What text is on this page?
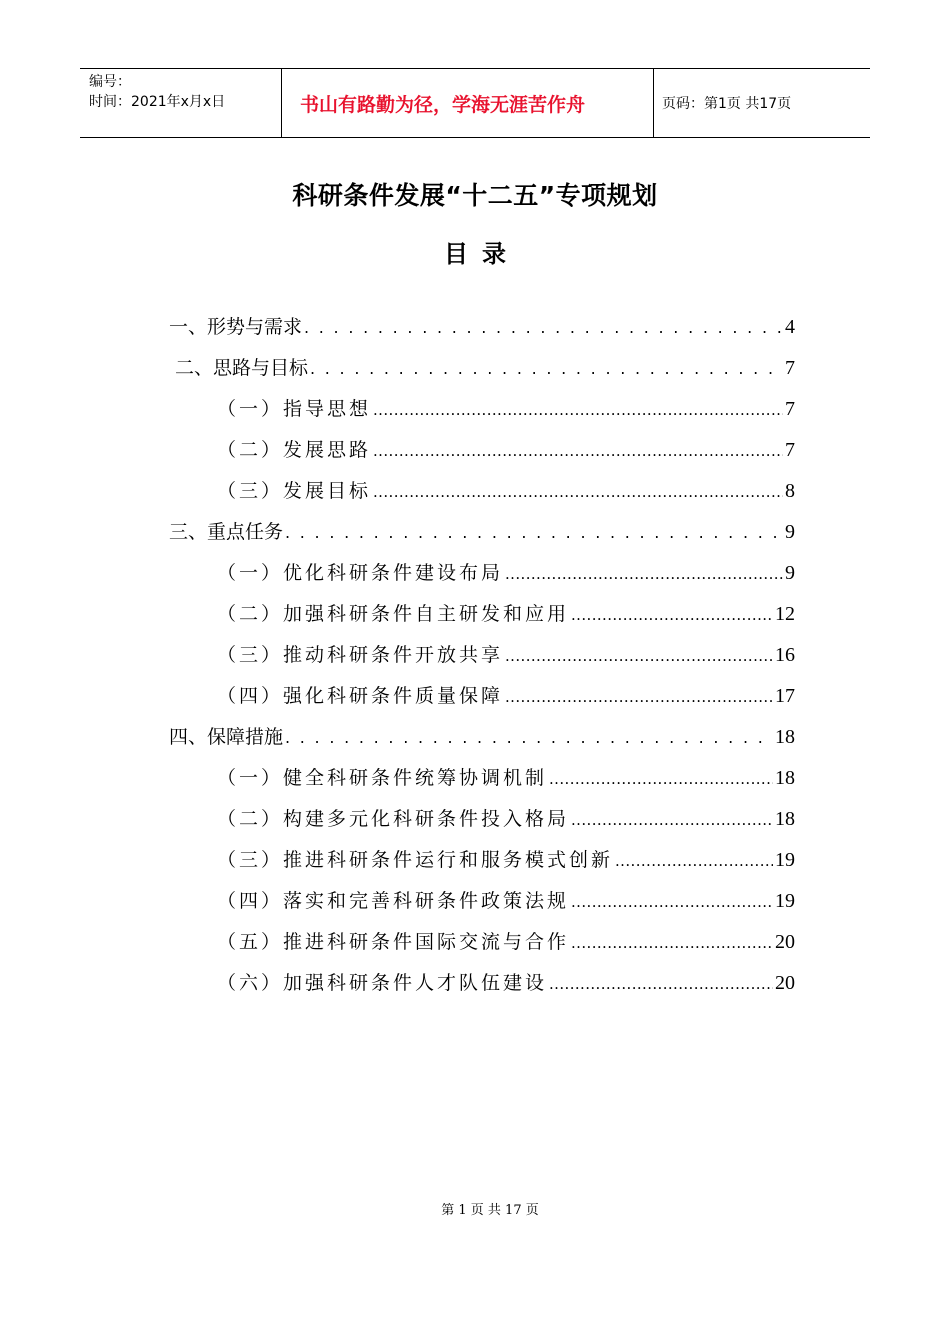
编号：
时间：2021年x月x日	书山有路勤为径，学海无涯苦作舟	页码：第1页 共17页
科研条件发展“十二五”专项规划
目录
一、形势与需求 . . .	4
二、思路与目标 . . .	7
（一）指导思想 .....	7
（二）发展思路 .....	7
（三）发展目标 .....	8
三、重点任务 . . .	9
（一）优化科研条件建设布局 .....	9
（二）加强科研条件自主研发和应用 .....	12
（三）推动科研条件开放共享 .....	16
（四）强化科研条件质量保障 .....	17
四、保障措施 . . .	18
（一）健全科研条件统筹协调机制 .....	18
（二）构建多元化科研条件投入格局 .....	18
（三）推进科研条件运行和服务模式创新 .....	19
（四）落实和完善科研条件政策法规 .....	19
（五）推进科研条件国际交流与合作 .....	20
（六）加强科研条件人才队伍建设 .....	20
第 1 页 共 17 页
